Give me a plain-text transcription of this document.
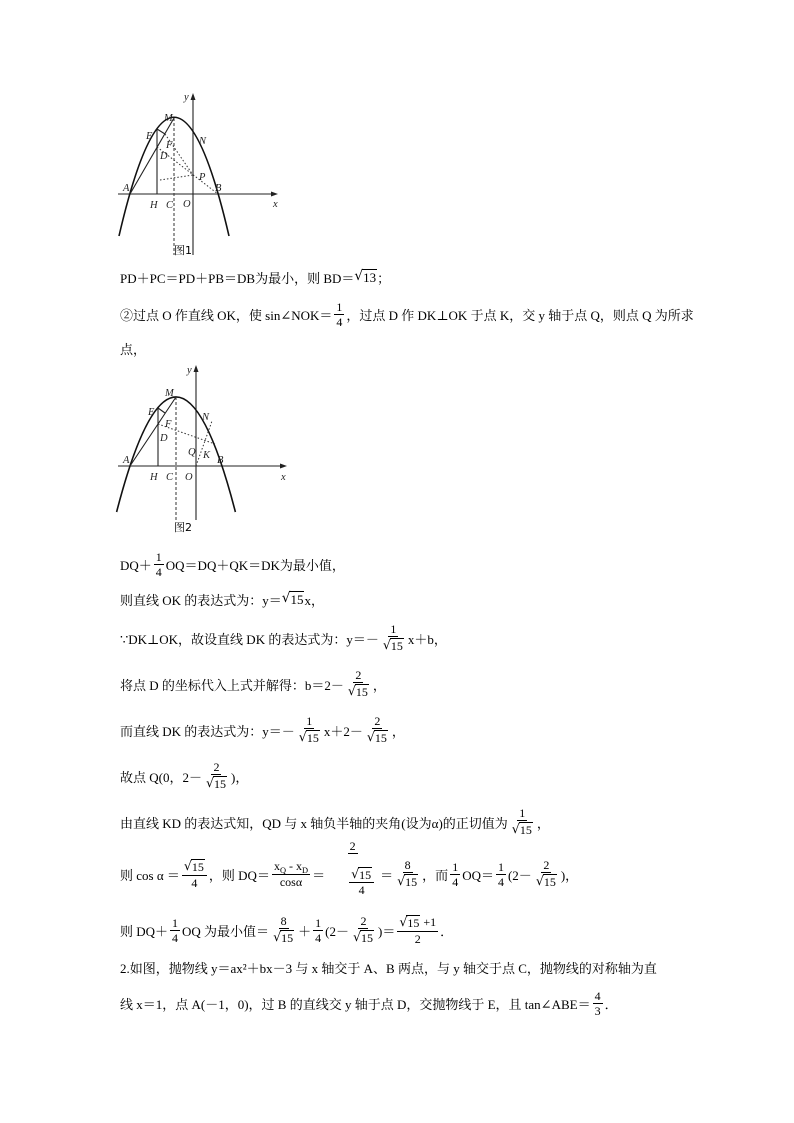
y
x
M
E
F
D
N
P
A	B
H C O
图1
PD＋PC＝PD＋PB＝DB为最小，则 BD＝ √ 13 ；
②过点 O 作直线 OK，使 sin∠NOK＝ $\frac{1}{4}$ ，过点 D 作 DK⊥OK 于点 K，交 y 轴于点 Q，则点 Q 为所求
点，
y
x
M
E
F
D
N
Q K
A	B
H C O
图2
$DQ+ \frac{1}{4} OQ=DQ+QK=DK$为最小值，
则直线 OK 的表达式为：y＝ √ 15 x，
∵DK⊥OK，故设直线 DK 的表达式为：y＝－ 1
√ 15 x＋b，
将点 D 的坐标代入上式并解得：b＝2－ 2
√ 15 ，
而直线 DK 的表达式为：y＝－ 1
√ 15 x＋2－ 2
√ 15 ，
故点 Q(0，2－ 2
√ 15 )，
由直线 KD 的表达式知，QD 与 x 轴负半轴的夹角(设为α)的正切值为 1
√ 15 ，
则 cos α ＝ √ $\frac{15}{4}$ ，则 $DQ= \frac{x_Q - x_D}{\cos\alpha} = 2$

√ $\frac{15}{4}$

＝ 8
√ 15 ，而 $\frac{1}{4} OQ= \frac{1}{4} (2- 2$
√ 15 )，
则 $DQ+ \frac{1}{4}$ OQ 为最小值＝ 8
√ $15 + \frac{1}{4} (2- 2$
√ 15 )＝ √ $\frac{15 +1}{2}$ ．
2.如图，抛物线 y＝ax²＋bx－3 与 x 轴交于 A、B 两点，与 y 轴交于点 C，抛物线的对称轴为直
线 x＝1，点 A(－1，0)，过 B 的直线交 y 轴于点 D，交抛物线于 E，且 tan∠ABE＝ $\frac{4}{3}$ ．
